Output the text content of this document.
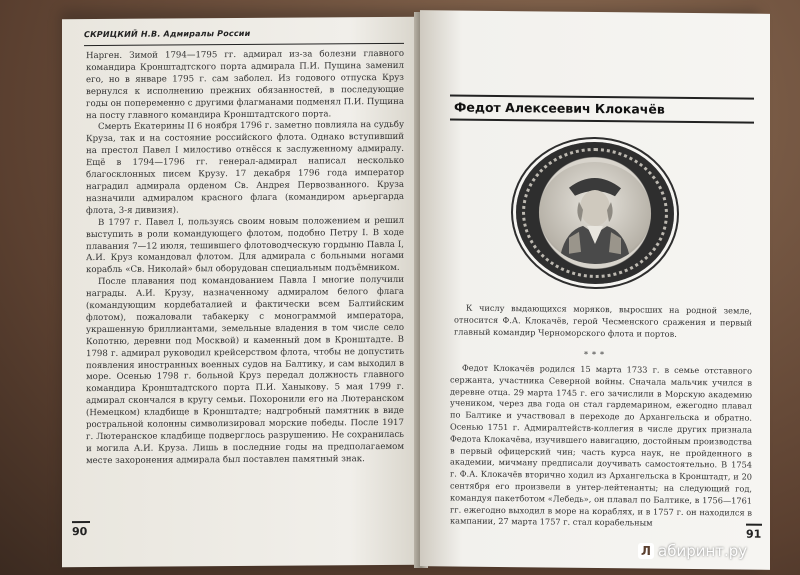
СКРИЦКИЙ Н.В. Адмиралы России

Нарген. Зимой 1794—1795 гг. адмирал из-за болезни главного командира Кронштадтского порта адмирала П.И. Пущина заменил его, но в январе 1795 г. сам заболел. Из годового отпуска Круз вернулся к исполнению прежних обязанностей, в последующие годы он попеременно с другими флагманами подменял П.И. Пущина на посту главного командира Кронштадтского порта.

Смерть Екатерины II 6 ноября 1796 г. заметно повлияла на судьбу Круза, так и на состояние российского флота. Однако вступивший на престол Павел I милостиво отнёсся к заслуженному адмиралу. Ещё в 1794—1796 гг. генерал-адмирал написал несколько благосклонных писем Крузу. 17 декабря 1796 года император наградил адмирала орденом Св. Андрея Первозванного. Круза назначили адмиралом красного флага (командиром арьергарда флота, 3-я дивизия).

В 1797 г. Павел I, пользуясь своим новым положением и решил выступить в роли командующего флотом, подобно Петру I. В ходе плавания 7—12 июля, тешившего флотоводческую гордыню Павла I, А.И. Круз командовал флотом. Для адмирала с больными ногами корабль «Св. Николай» был оборудован специальным подъёмником.

После плавания под командованием Павла I многие получили награды. А.И. Крузу, назначенному адмиралом белого флага (командующим кордебаталией и фактически всем Балтийским флотом), пожаловали табакерку с монограммой императора, украшенную бриллиантами, земельные владения в том числе село Копотню, деревни под Москвой) и каменный дом в Кронштадте. В 1798 г. адмирал руководил крейсерством флота, чтобы не допустить появления иностранных военных судов на Балтику, и сам выходил в море. Осенью 1798 г. больной Круз передал должность главного командира Кронштадтского порта П.И. Ханыкову. 5 мая 1799 г. адмирал скончался в кругу семьи. Похоронили его на Лютеранском (Немецком) кладбище в Кронштадте; надгробный памятник в виде ростральной колонны символизировал морские победы. После 1917 г. Лютеранское кладбище подверглось разрушению. Не сохранилась и могила А.И. Круза. Лишь в последние годы на предполагаемом месте захоронения адмирала был поставлен памятный знак.

90
Федот Алексеевич Клокачёв

К числу выдающихся моряков, выросших на родной земле, относится Ф.А. Клокачёв, герой Чесменского сражения и первый главный командир Черноморского флота и портов.

***

Федот Клокачёв родился 15 марта 1733 г. в семье отставного сержанта, участника Северной войны. Сначала мальчик учился в деревне отца. 29 марта 1745 г. его зачислили в Морскую академию учеником, через два года он стал гардемарином, ежегодно плавал по Балтике и участвовал в переходе до Архангельска и обратно. Осенью 1751 г. Адмиралтейств-коллегия в числе других признала Федота Клокачёва, изучившего навигацию, достойным производства в первый офицерский чин; часть курса наук, не пройденного в академии, мичману предписали доучивать самостоятельно. В 1754 г. Ф.А. Клокачёв вторично ходил из Архангельска в Кронштадт, и 20 сентября его произвели в унтер-лейтенанты; на следующий год, командуя пакетботом «Лебедь», он плавал по Балтике, в 1756—1761 гг. ежегодно выходил в море на кораблях, и в 1757 г. он находился в кампании, 27 марта 1757 г. стал корабельным

91
Л абиринт.ру
